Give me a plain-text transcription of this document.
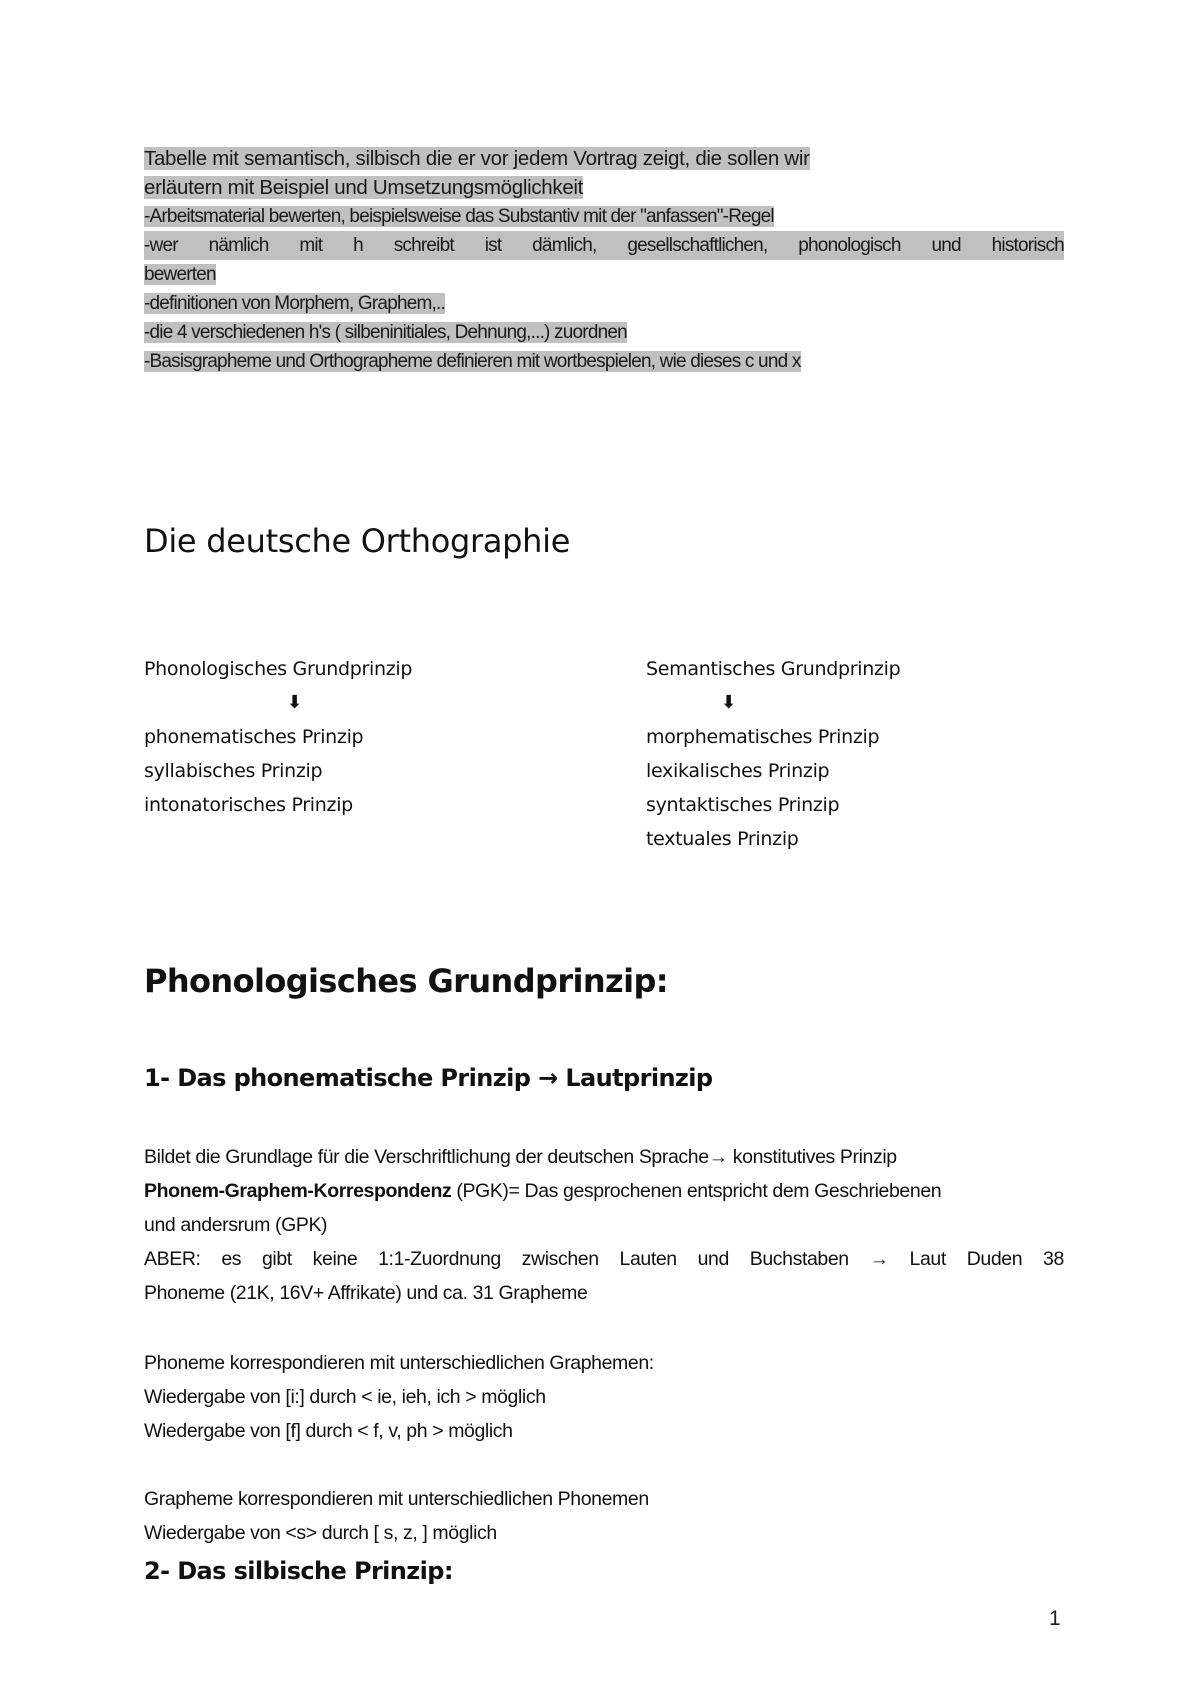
Tabelle mit semantisch, silbisch die er vor jedem Vortrag zeigt, die sollen wir
erläutern mit Beispiel und Umsetzungsmöglichkeit
-Arbeitsmaterial bewerten, beispielsweise das Substantiv mit der "anfassen"-Regel
-wer nämlich mit h schreibt ist dämlich, gesellschaftlichen, phonologisch und historisch
bewerten
-definitionen von Morphem, Graphem,..
-die 4 verschiedenen h's ( silbeninitiales, Dehnung,...) zuordnen
-Basisgrapheme und Orthographeme definieren mit wortbespielen, wie dieses c und x
Die deutsche Orthographie
Phonologisches Grundprinzip
⬇
phonematisches Prinzip
syllabisches Prinzip
intonatorisches Prinzip
Semantisches Grundprinzip
⬇
morphematisches Prinzip
lexikalisches Prinzip
syntaktisches Prinzip
textuales Prinzip
Phonologisches Grundprinzip:
1- Das phonematische Prinzip → Lautprinzip
Bildet die Grundlage für die Verschriftlichung der deutschen Sprache→ konstitutives Prinzip
Phonem-Graphem-Korrespondenz (PGK)= Das gesprochenen entspricht dem Geschriebenen
und andersrum (GPK)
ABER: es gibt keine 1:1-Zuordnung zwischen Lauten und Buchstaben → Laut Duden 38
Phoneme (21K, 16V+ Affrikate) und ca. 31 Grapheme
Phoneme korrespondieren mit unterschiedlichen Graphemen:
Wiedergabe von [i:] durch < ie, ieh, ich > möglich
Wiedergabe von [f] durch < f, v, ph > möglich
Grapheme korrespondieren mit unterschiedlichen Phonemen
Wiedergabe von <s> durch [ s, z, ] möglich
2- Das silbische Prinzip:
1
